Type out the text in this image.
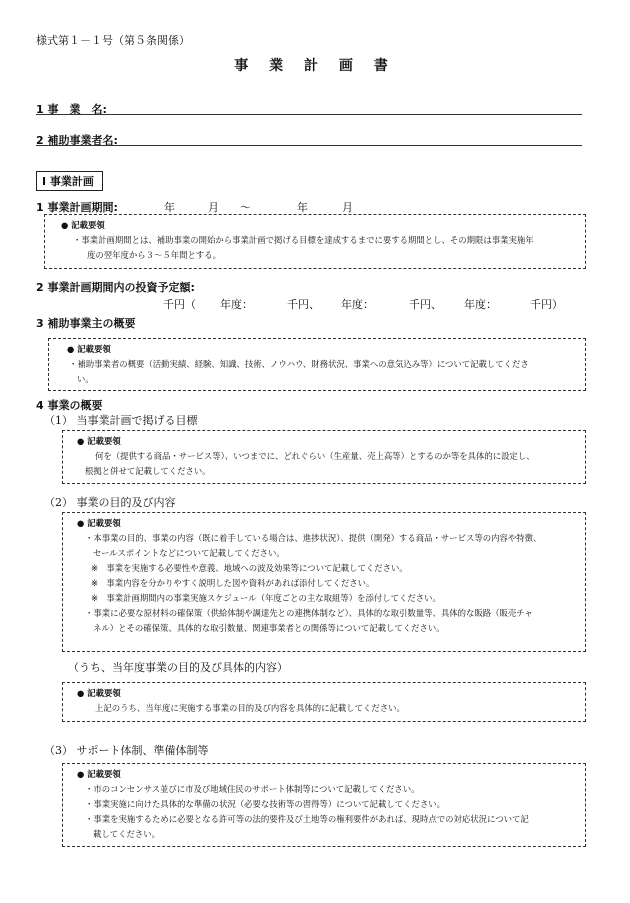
様式第１－１号（第５条関係）
事 業 計 画 書
1 事　業　名:
2 補助事業者名:
Ⅰ 事業計画
1 事業計画期間:	年	月 〜	年	月
● 記載要領
・事業計画期間とは、補助事業の開始から事業計画で掲げる目標を達成するまでに要する期間とし、その期限は事業実施年
度の翌年度から３～５年間とする。
2 事業計画期間内の投資予定額:
千円（ 年度：	千円、 年度：	千円、 年度：	千円）
3 補助事業主の概要
● 記載要領
・補助事業者の概要（活動実績、経験、知識、技術、ノウハウ、財務状況、事業への意気込み等）について記載してくださ
い。
4 事業の概要
（1） 当事業計画で掲げる目標
● 記載要領
何を（提供する商品・サービス等）、いつまでに、どれぐらい（生産量、売上高等）とするのか等を具体的に設定し、
根拠と併せて記載してください。
（2） 事業の目的及び内容
● 記載要領
・本事業の目的、事業の内容（既に着手している場合は、進捗状況）、提供（開発）する商品・サービス等の内容や特徴、
セールスポイントなどについて記載してください。
※　事業を実施する必要性や意義、地域への波及効果等について記載してください。
※　事業内容を分かりやすく説明した図や資料があれば添付してください。
※　事業計画期間内の事業実施スケジュール（年度ごとの主な取組等）を添付してください。
・事業に必要な原材料の確保策（供給体制や調達先との連携体制など）、具体的な取引数量等、具体的な販路（販売チャ
ネル）とその確保策、具体的な取引数量、関連事業者との関係等について記載してください。
（うち、当年度事業の目的及び具体的内容）
● 記載要領
上記のうち、当年度に実施する事業の目的及び内容を具体的に記載してください。
（3） サポート体制、準備体制等
● 記載要領
・市のコンセンサス並びに市及び地域住民のサポート体制等について記載してください。
・事業実施に向けた具体的な準備の状況（必要な技術等の習得等）について記載してください。
・事業を実施するために必要となる許可等の法的要件及び土地等の権利要件があれば、現時点での対応状況について記
載してください。
